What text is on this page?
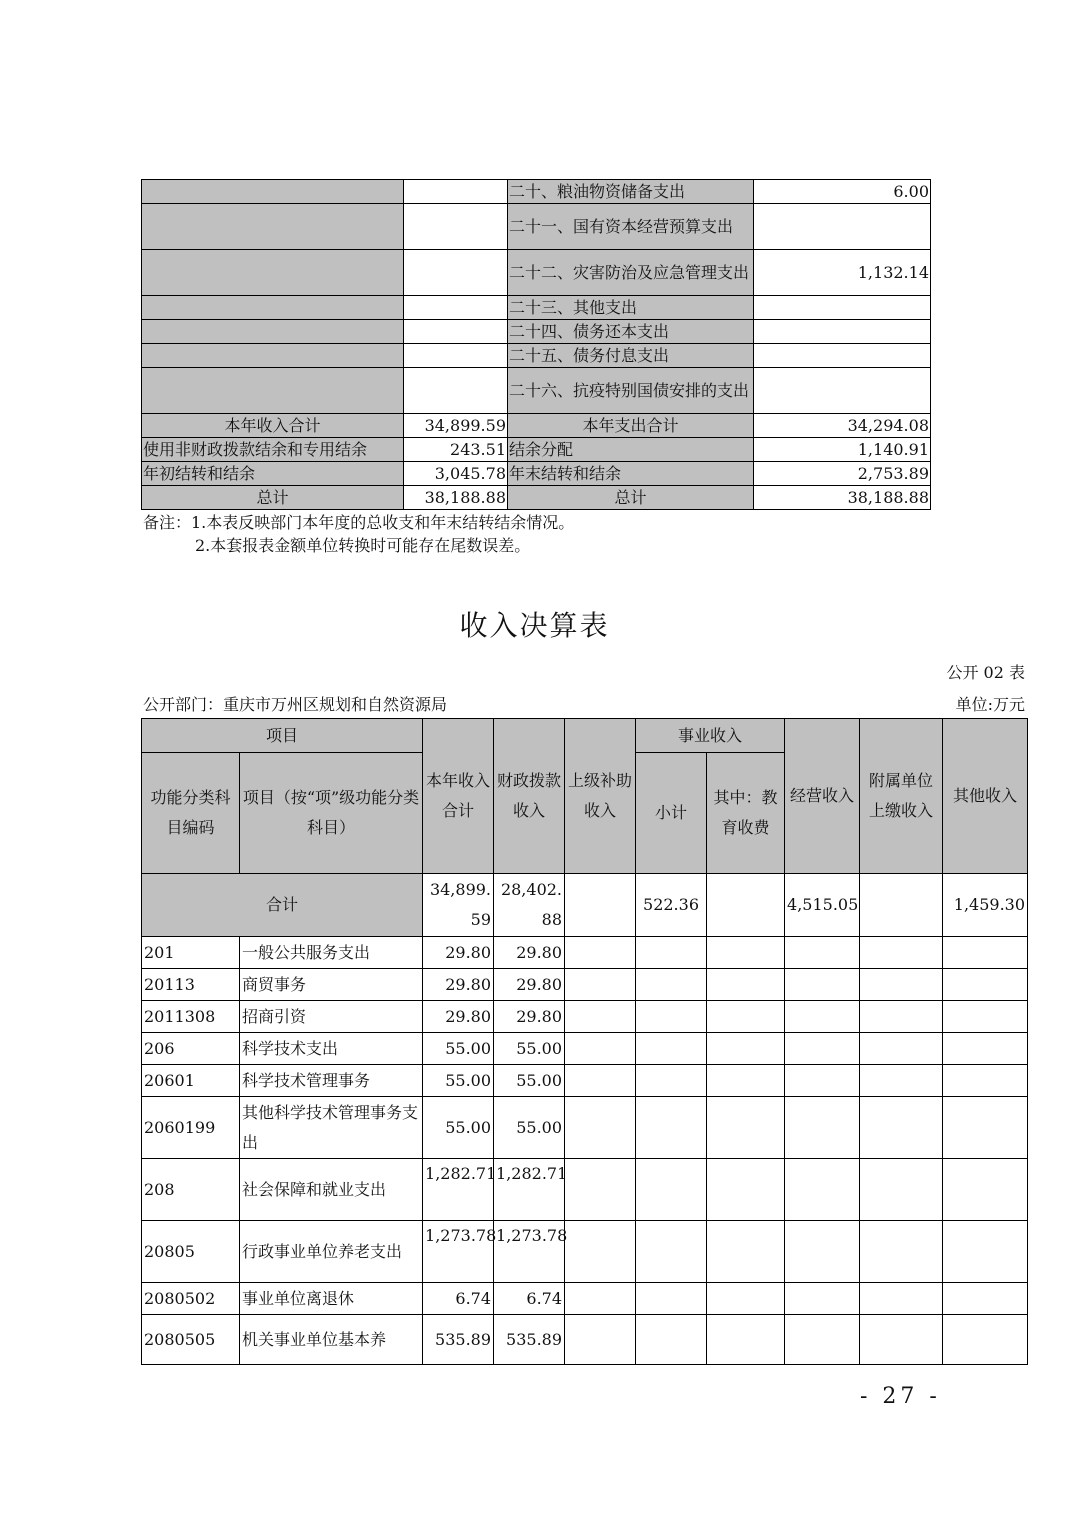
		二十、粮油物资储备支出	6.00
		二十一、国有资本经营预算支出	
		二十二、灾害防治及应急管理支出	1,132.14
		二十三、其他支出	
		二十四、债务还本支出	
		二十五、债务付息支出	
		二十六、抗疫特别国债安排的支出	
本年收入合计	34,899.59	本年支出合计	34,294.08
使用非财政拨款结余和专用结余	243.51	结余分配	1,140.91
年初结转和结余	3,045.78	年末结转和结余	2,753.89
总计	38,188.88	总计	38,188.88
备注：1.本表反映部门本年度的总收支和年末结转结余情况。
2.本套报表金额单位转换时可能存在尾数误差。
收入决算表
公开 02 表
公开部门：重庆市万州区规划和自然资源局	单位:万元
项目		本年收入合计	财政拨款收入	上级补助收入	事业收入		经营收入	附属单位上缴收入	其他收入
功能分类科目编码	项目（按“项”级功能分类科目）				小计	其中：教育收费			
合计		34,899.59	28,402.88		522.36		4,515.05		1,459.30
201	一般公共服务支出	29.80	29.80						
20113	商贸事务	29.80	29.80						
2011308	招商引资	29.80	29.80						
206	科学技术支出	55.00	55.00						
20601	科学技术管理事务	55.00	55.00						
2060199	其他科学技术管理事务支出	55.00	55.00						
208	社会保障和就业支出	1,282.71	1,282.71						
20805	行政事业单位养老支出	1,273.78	1,273.78						
2080502	事业单位离退休	6.74	6.74						
2080505	机关事业单位基本养	535.89	535.89						
- 27 -
